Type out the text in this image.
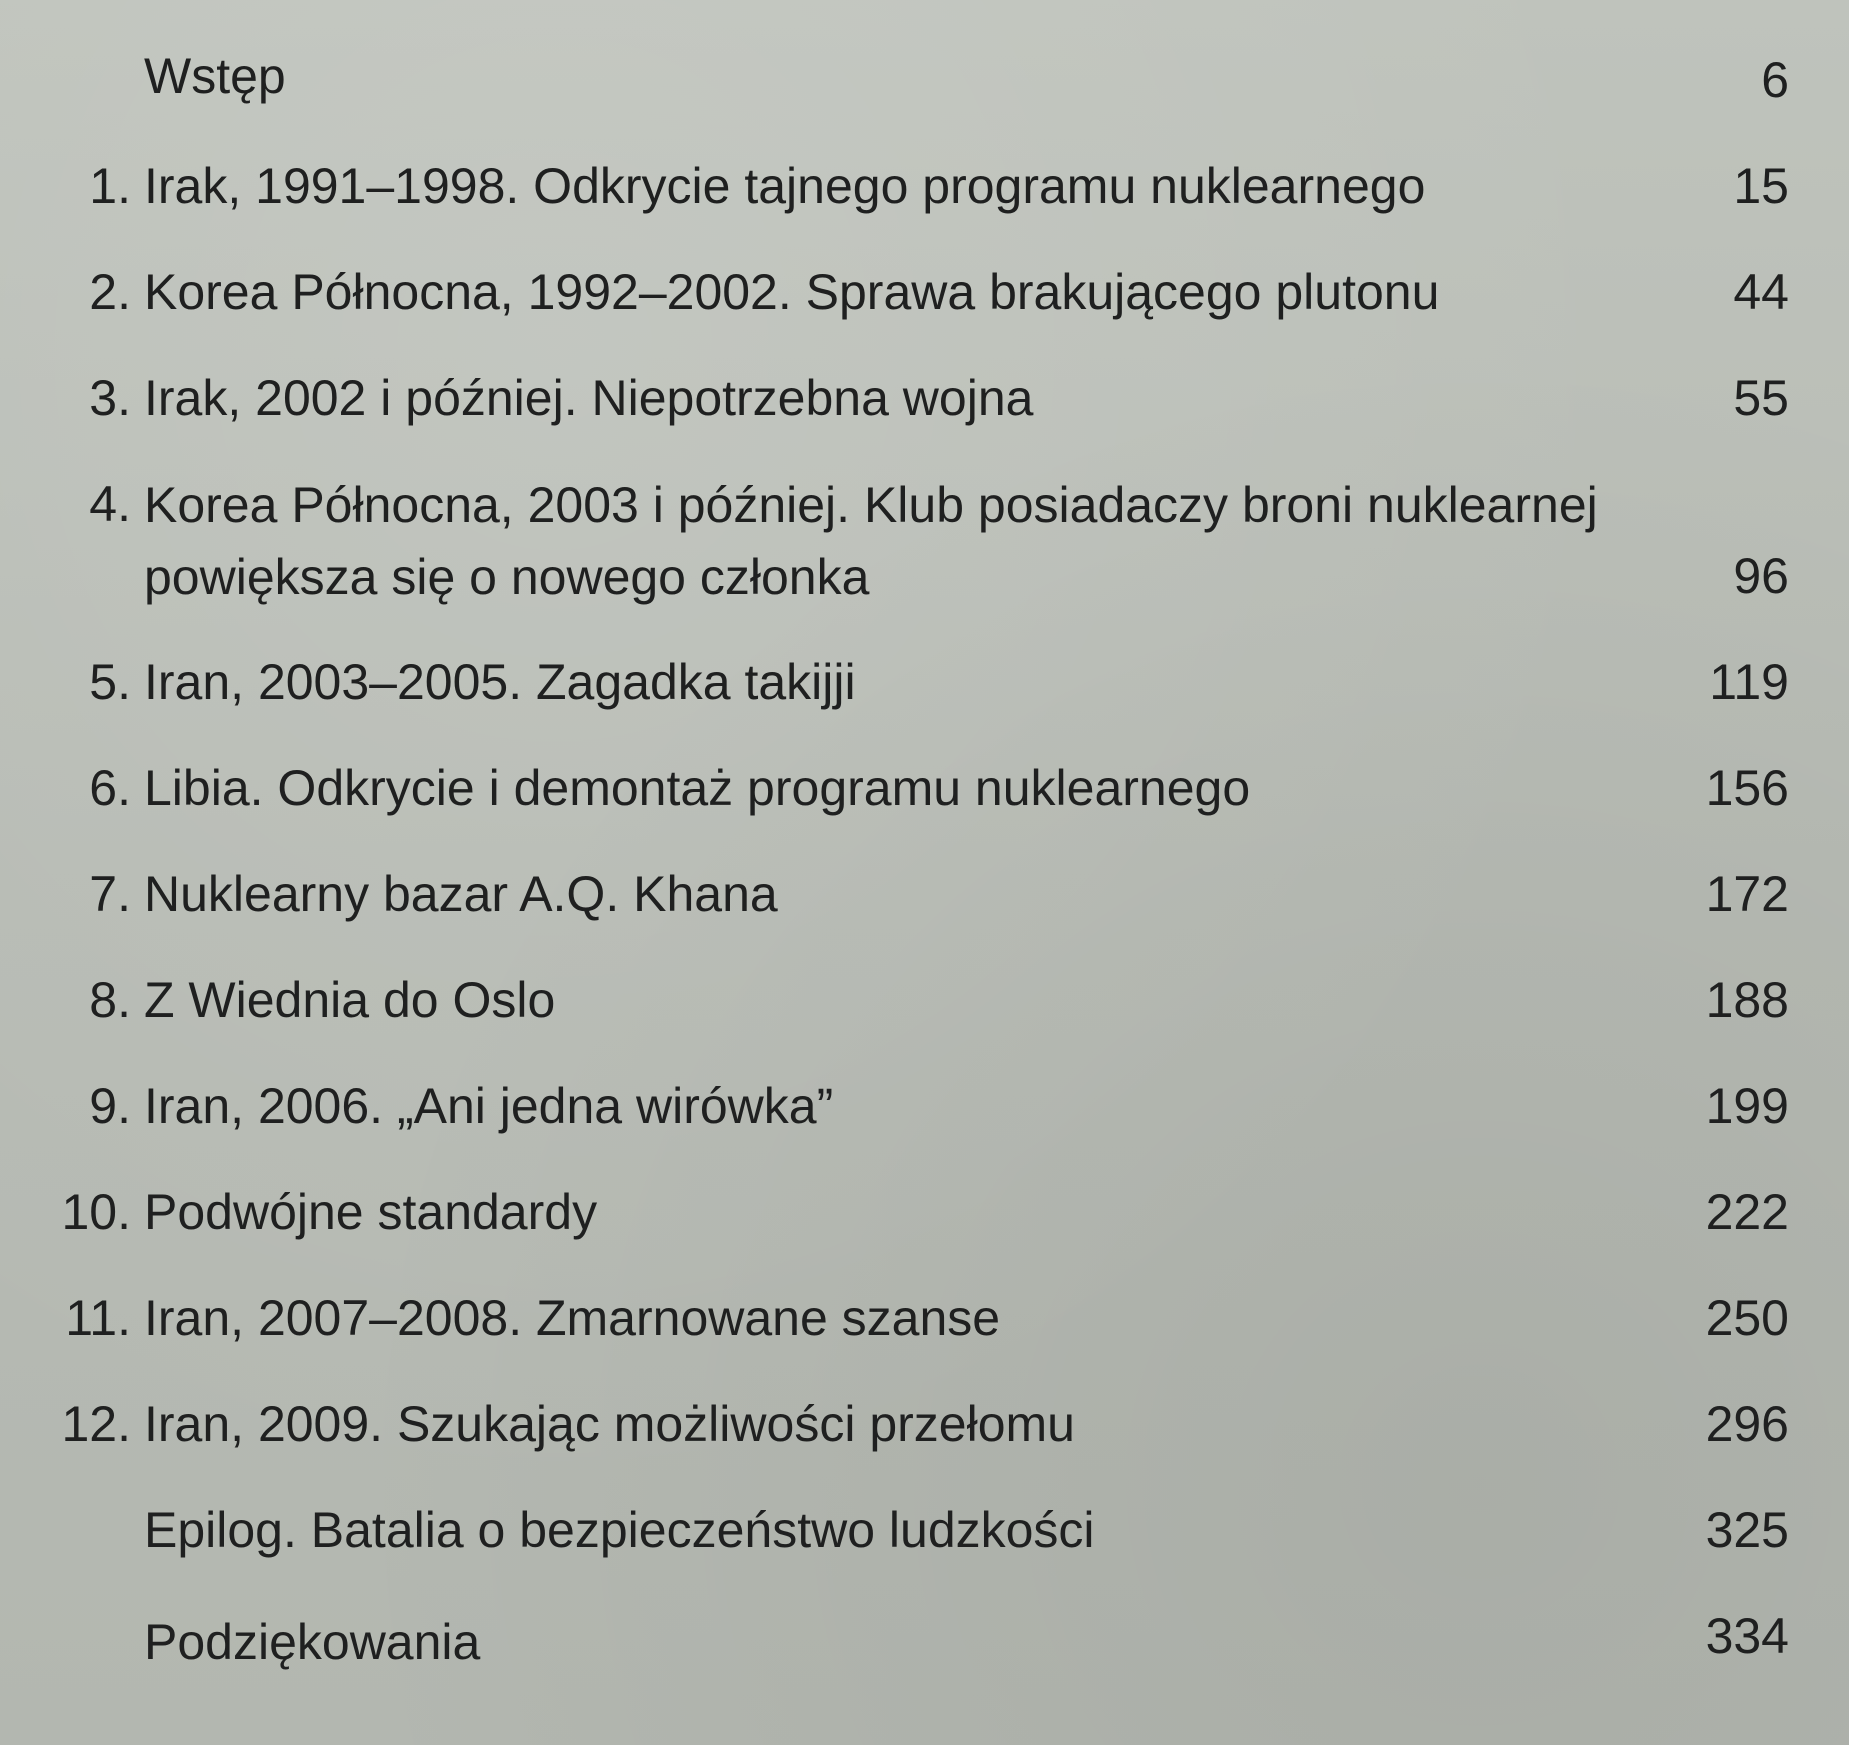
Wstęp	6
1. Irak, 1991–1998. Odkrycie tajnego programu nuklearnego	15
2. Korea Północna, 1992–2002. Sprawa brakującego plutonu	44
3. Irak, 2002 i później. Niepotrzebna wojna	55
4. Korea Północna, 2003 i później. Klub posiadaczy broni nuklearnej
powiększa się o nowego członka	96
5. Iran, 2003–2005. Zagadka takijji	119
6. Libia. Odkrycie i demontaż programu nuklearnego	156
7. Nuklearny bazar A.Q. Khana	172
8. Z Wiednia do Oslo	188
9. Iran, 2006. „Ani jedna wirówka”	199
10. Podwójne standardy	222
11. Iran, 2007–2008. Zmarnowane szanse	250
12. Iran, 2009. Szukając możliwości przełomu	296
Epilog. Batalia o bezpieczeństwo ludzkości	325
Podziękowania	334
